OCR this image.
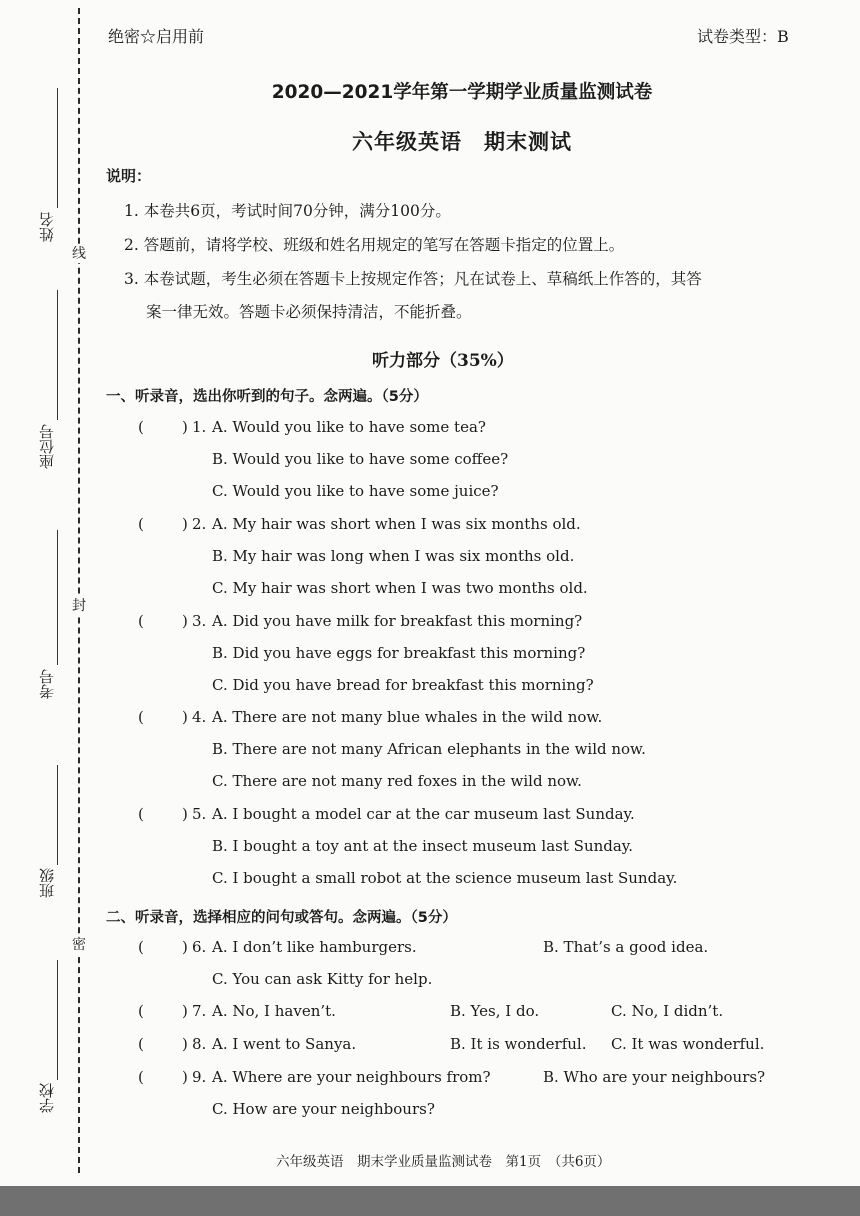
线
封
密
姓名
座位号
考号
班级
学校
绝密☆启用前	试卷类型：B
2020—2021学年第一学期学业质量监测试卷
六年级英语　期末测试
说明：
1. 本卷共6页，考试时间70分钟，满分100分。
2. 答题前，请将学校、班级和姓名用规定的笔写在答题卡指定的位置上。
3. 本卷试题，考生必须在答题卡上按规定作答；凡在试卷上、草稿纸上作答的，其答
案一律无效。答题卡必须保持清洁，不能折叠。
听力部分（35%）
一、听录音，选出你听到的句子。念两遍。（5分）
(	) 1. A. Would you like to have some tea?
B. Would you like to have some coffee?
C. Would you like to have some juice?
(	) 2. A. My hair was short when I was six months old.
B. My hair was long when I was six months old.
C. My hair was short when I was two months old.
(	) 3. A. Did you have milk for breakfast this morning?
B. Did you have eggs for breakfast this morning?
C. Did you have bread for breakfast this morning?
(	) 4. A. There are not many blue whales in the wild now.
B. There are not many African elephants in the wild now.
C. There are not many red foxes in the wild now.
(	) 5. A. I bought a model car at the car museum last Sunday.
B. I bought a toy ant at the insect museum last Sunday.
C. I bought a small robot at the science museum last Sunday.
二、听录音，选择相应的问句或答句。念两遍。（5分）
(	) 6. A. I don’t like hamburgers.	B. That’s a good idea.
C. You can ask Kitty for help.
(	) 7. A. No, I haven’t.	B. Yes, I do.	C. No, I didn’t.
(	) 8. A. I went to Sanya.	B. It is wonderful. C. It was wonderful.
(	) 9. A. Where are your neighbours from?	B. Who are your neighbours?
C. How are your neighbours?
六年级英语　期末学业质量监测试卷　第1页　（共6页）
